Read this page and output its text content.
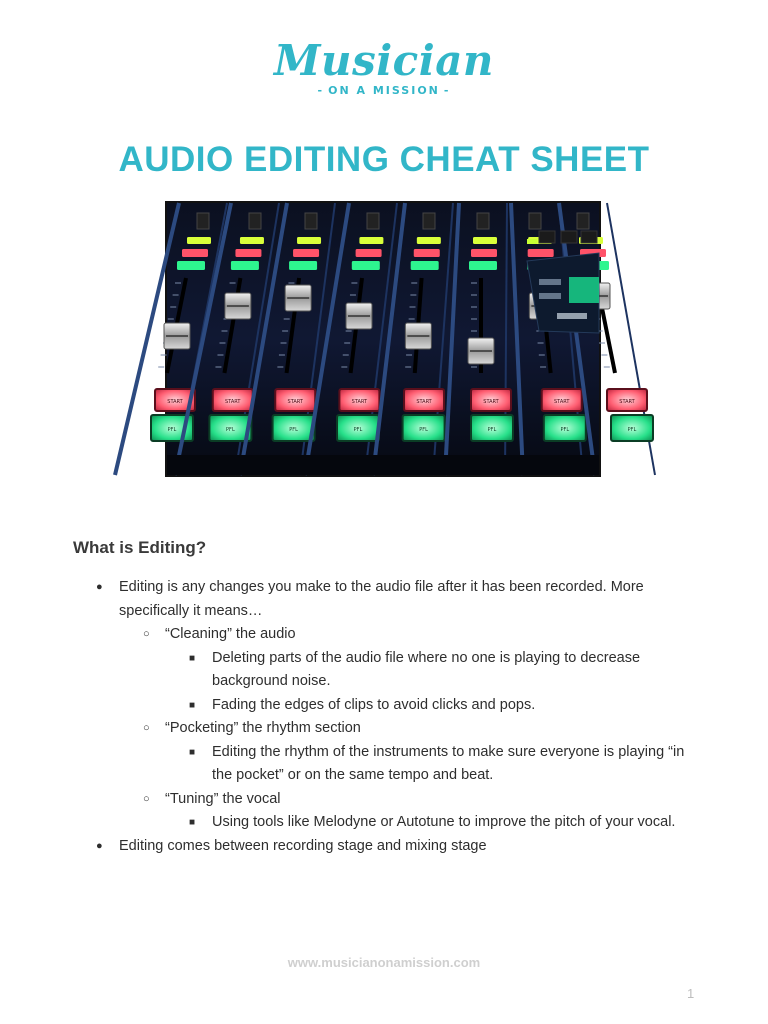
Musician
- ON A MISSION -
AUDIO EDITING CHEAT SHEET
START
PFL
START
PFL
START
PFL
START
PFL
START
PFL
START
PFL
START
PFL
START
PFL
What is Editing?
● Editing is any changes you make to the audio file after it has been recorded. More specifically it means…
○ “Cleaning” the audio
■ Deleting parts of the audio file where no one is playing to decrease background noise.
■ Fading the edges of clips to avoid clicks and pops.
○ “Pocketing” the rhythm section
■ Editing the rhythm of the instruments to make sure everyone is playing “in the pocket” or on the same tempo and beat.
○ “Tuning” the vocal
■ Using tools like Melodyne or Autotune to improve the pitch of your vocal.
● Editing comes between recording stage and mixing stage
www.musicianonamission.com
1
